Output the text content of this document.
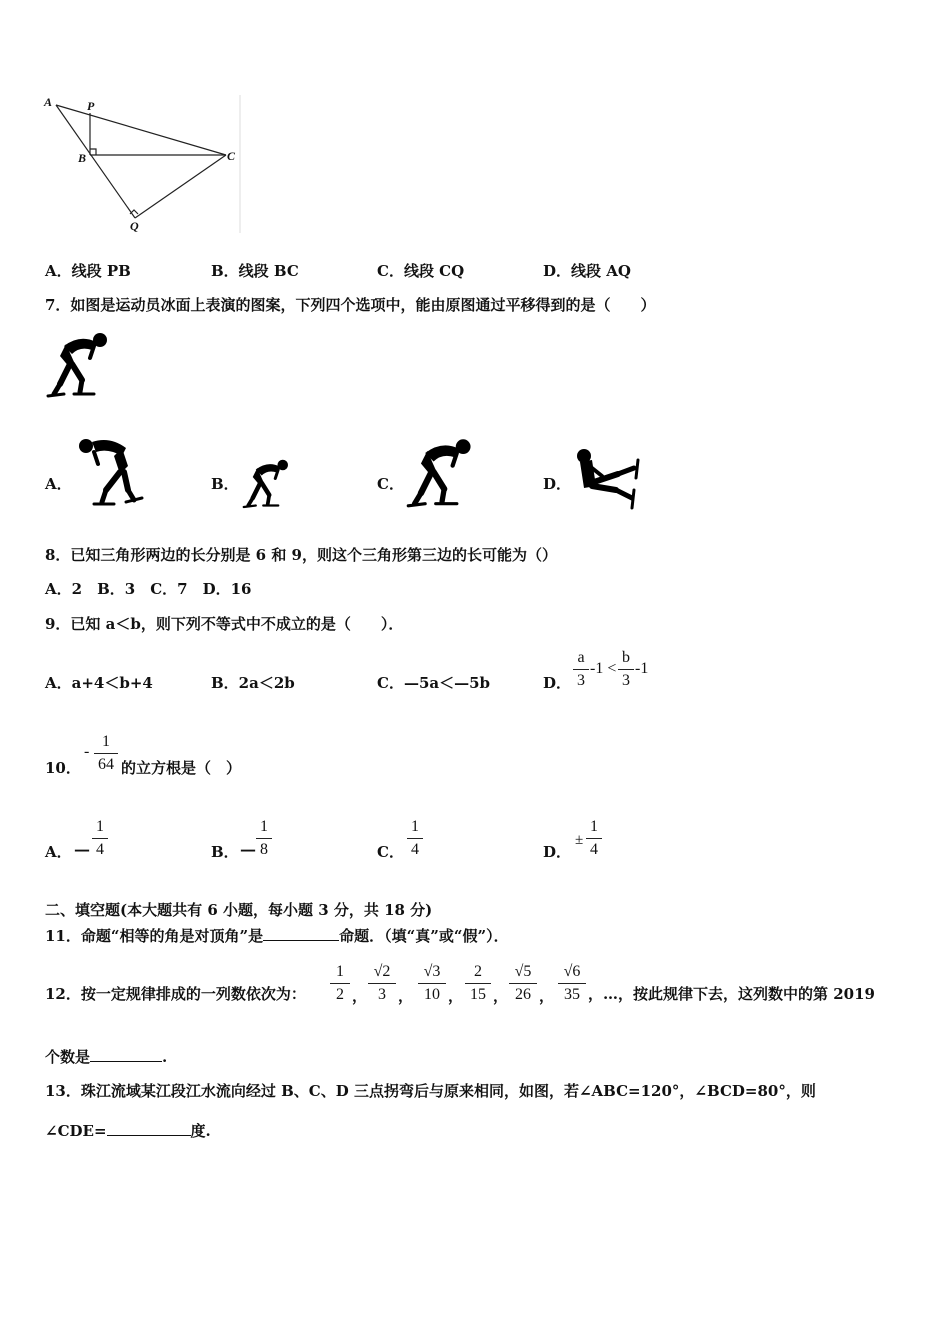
A	P
B	C
Q
A．线段 PB	B．线段 BC	C．线段 CQ	D．线段 AQ
7．如图是运动员冰面上表演的图案，下列四个选项中，能由原图通过平移得到的是（　　）
A．	B．	C．	D．
8．已知三角形两边的长分别是 6 和 9，则这个三角形第三边的长可能为（）
A．2　B．3　C．7　D．16
9．已知 a＜b，则下列不等式中不成立的是（　　）．
A．a+4＜b+4	B．2a＜2b	C．—5a＜—5b	D．
a
3
-1 <
b
3
-1
10．
-
1
64 的立方根是（　）
A． —
1
4	B． —
1
8	C．
1
4	D．
±
1
4
二、填空题(本大题共有 6 小题，每小题 3 分，共 18 分)
11．命题“相等的角是对顶角”是	命题．（填“真”或“假”）．
12．按一定规律排成的一列数依次为：
1
2 ，
√2
3 ，
√3
10 ，
2
15 ，
√5
26 ，
√6
35 ，…，按此规律下去，这列数中的第 2019
个数是	.
13．珠江流域某江段江水流向经过 B、C、D 三点拐弯后与原来相同，如图，若∠ABC=120°，∠BCD=80°，则
∠CDE=	度.
